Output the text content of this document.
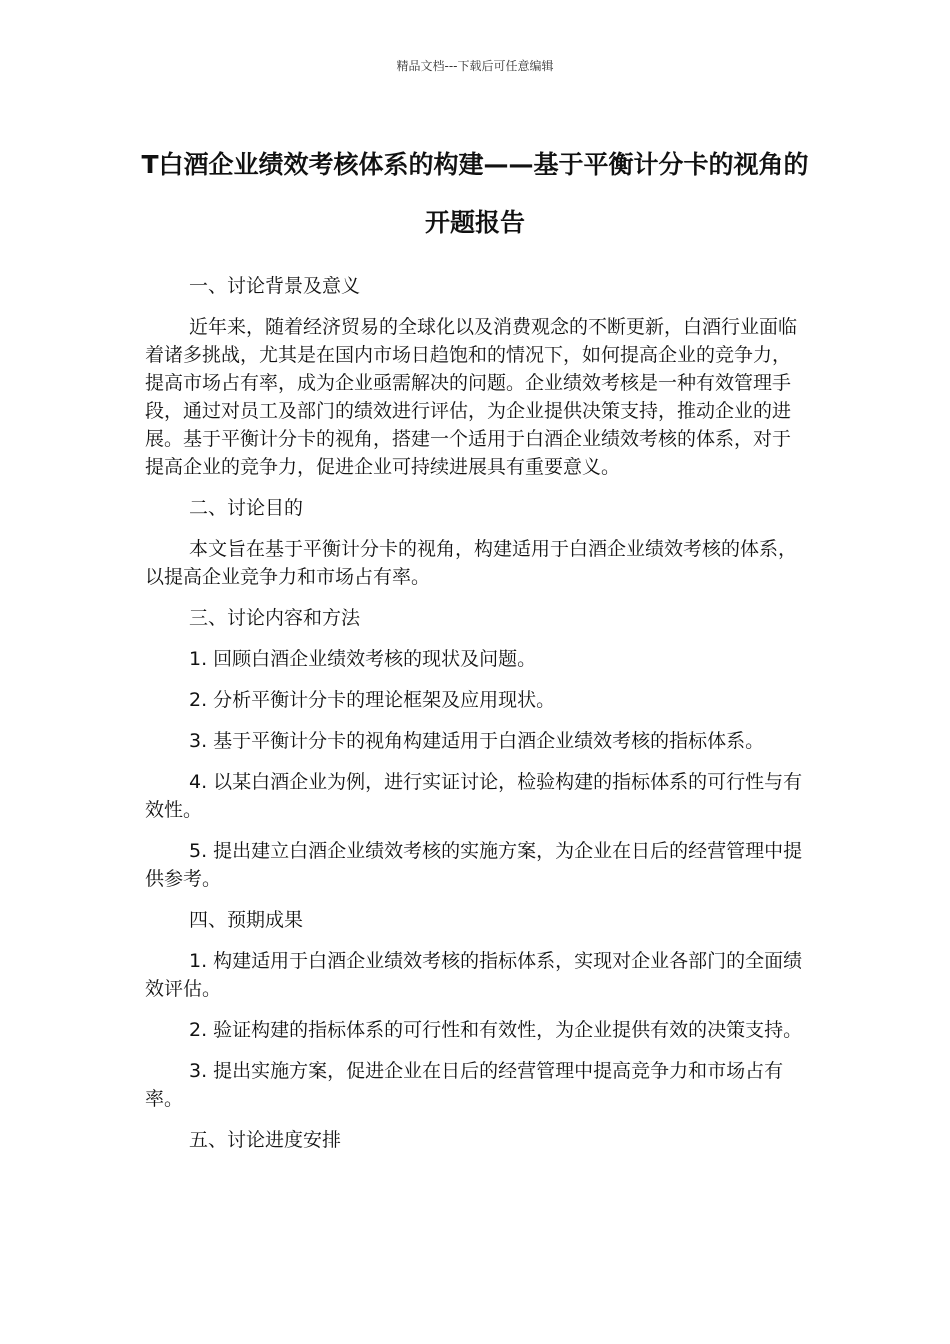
精品文档---下载后可任意编辑
T白酒企业绩效考核体系的构建——基于平衡计分卡的视角的开题报告

一、讨论背景及意义

近年来，随着经济贸易的全球化以及消费观念的不断更新，白酒行业面临着诸多挑战，尤其是在国内市场日趋饱和的情况下，如何提高企业的竞争力，提高市场占有率，成为企业亟需解决的问题。企业绩效考核是一种有效管理手段，通过对员工及部门的绩效进行评估，为企业提供决策支持，推动企业的进展。基于平衡计分卡的视角，搭建一个适用于白酒企业绩效考核的体系，对于提高企业的竞争力，促进企业可持续进展具有重要意义。

二、讨论目的

本文旨在基于平衡计分卡的视角，构建适用于白酒企业绩效考核的体系，以提高企业竞争力和市场占有率。

三、讨论内容和方法

1. 回顾白酒企业绩效考核的现状及问题。

2. 分析平衡计分卡的理论框架及应用现状。

3. 基于平衡计分卡的视角构建适用于白酒企业绩效考核的指标体系。

4. 以某白酒企业为例，进行实证讨论，检验构建的指标体系的可行性与有效性。

5. 提出建立白酒企业绩效考核的实施方案，为企业在日后的经营管理中提供参考。

四、预期成果

1. 构建适用于白酒企业绩效考核的指标体系，实现对企业各部门的全面绩效评估。

2. 验证构建的指标体系的可行性和有效性，为企业提供有效的决策支持。

3. 提出实施方案，促进企业在日后的经营管理中提高竞争力和市场占有率。

五、讨论进度安排
